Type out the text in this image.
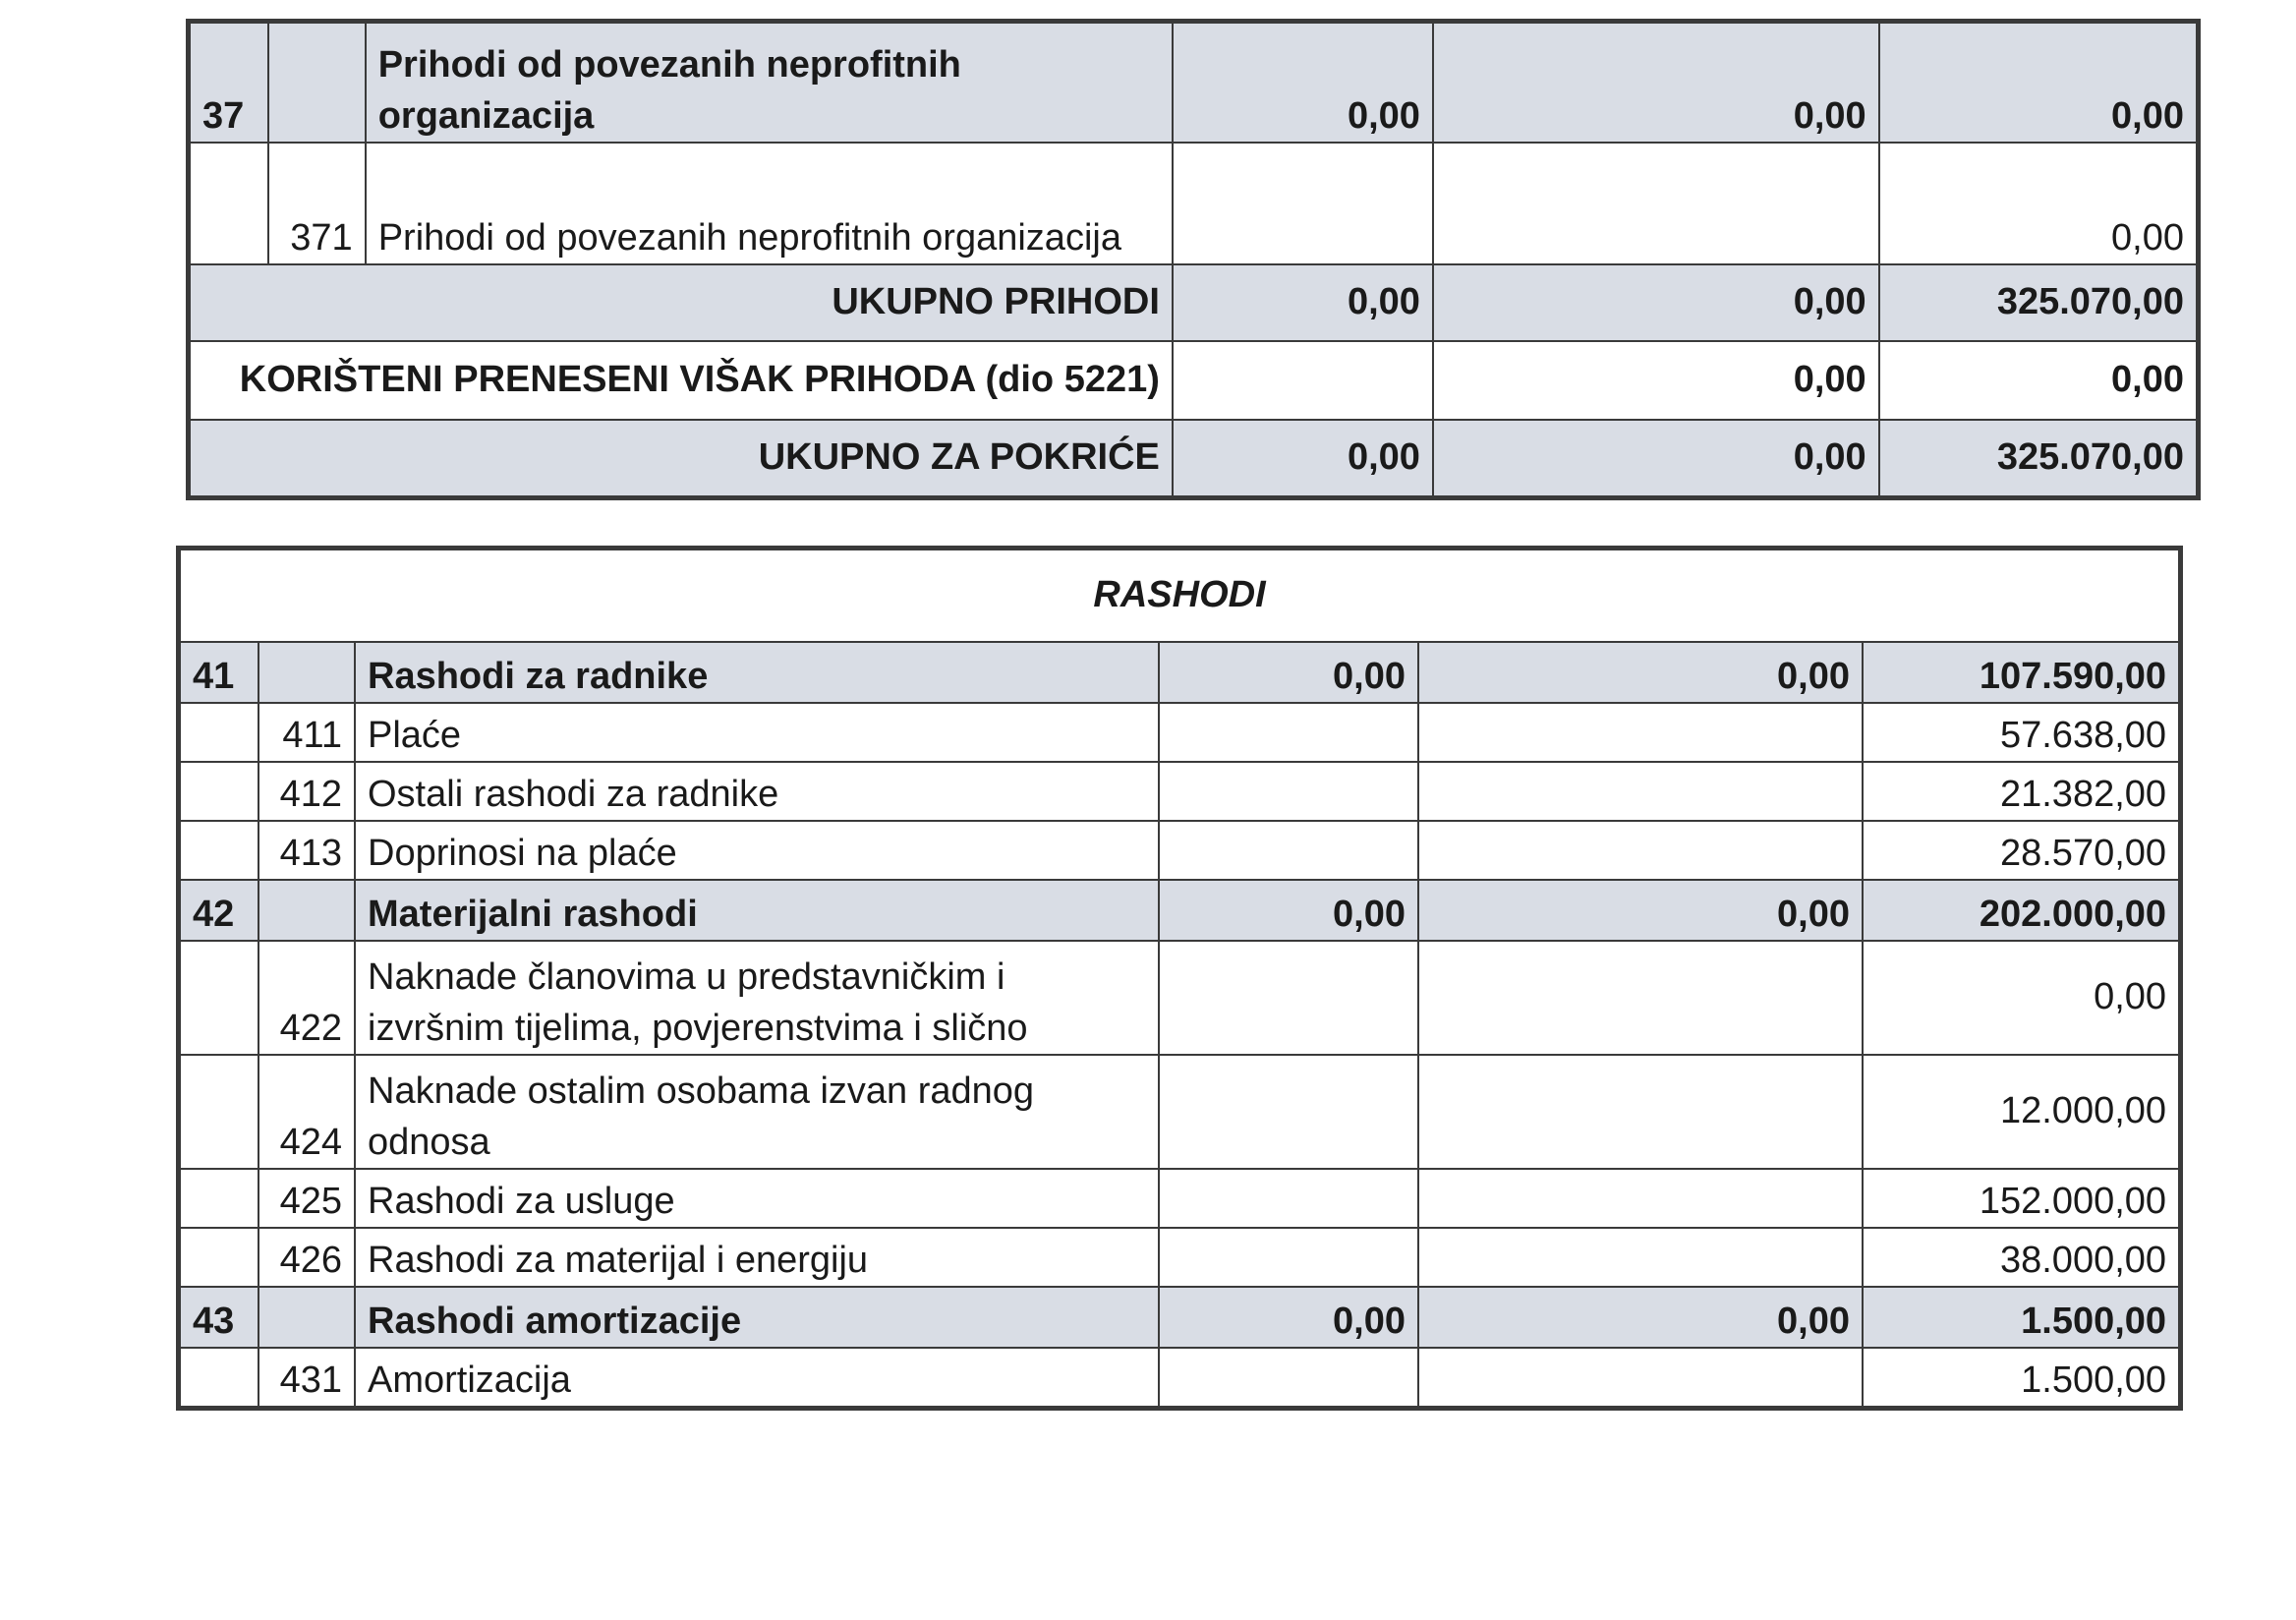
37		Prihodi od povezanih neprofitnih organizacija	0,00	0,00	0,00
	371	Prihodi od povezanih neprofitnih organizacija			0,00
UKUPNO PRIHODI			0,00	0,00	325.070,00
KORIŠTENI PRENESENI VIŠAK PRIHODA (dio 5221)				0,00	0,00
UKUPNO ZA POKRIĆE			0,00	0,00	325.070,00
RASHODI					
41		Rashodi za radnike	0,00	0,00	107.590,00
	411	Plaće			57.638,00
	412	Ostali rashodi za radnike			21.382,00
	413	Doprinosi na plaće			28.570,00
42		Materijalni rashodi	0,00	0,00	202.000,00
	422	Naknade članovima u predstavničkim i izvršnim tijelima, povjerenstvima i slično			0,00
	424	Naknade ostalim osobama izvan radnog odnosa			12.000,00
	425	Rashodi za usluge			152.000,00
	426	Rashodi za materijal i energiju			38.000,00
43		Rashodi amortizacije	0,00	0,00	1.500,00
	431	Amortizacija			1.500,00
